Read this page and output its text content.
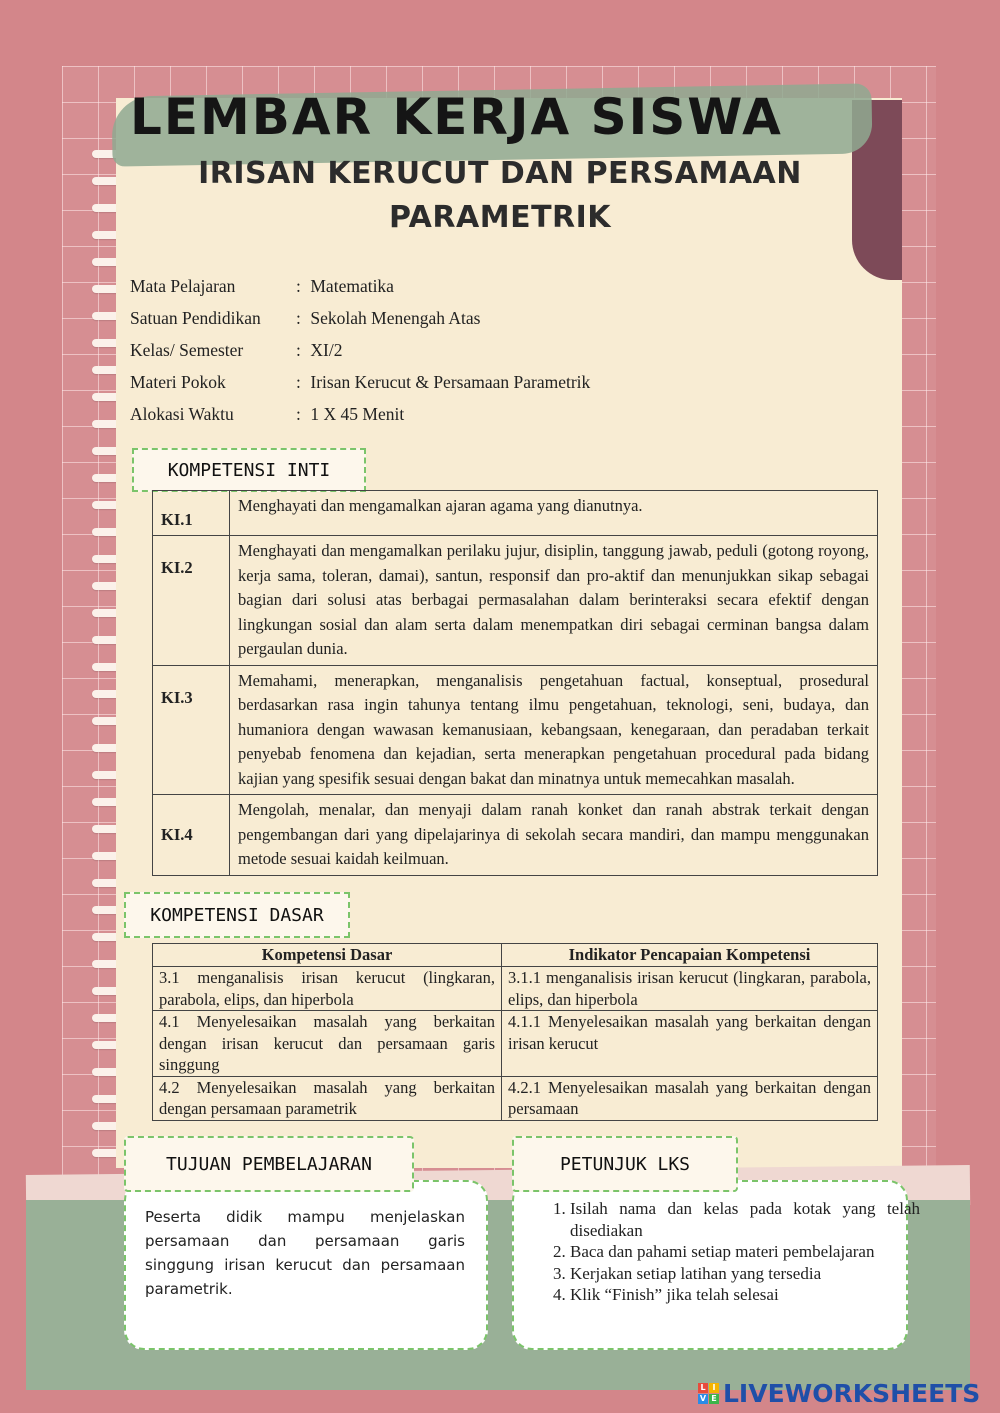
LEMBAR KERJA SISWA
IRISAN KERUCUT DAN PERSAMAAN
PARAMETRIK
Mata Pelajaran	: Matematika
Satuan Pendidikan : Sekolah Menengah Atas
Kelas/ Semester	: XI/2
Materi Pokok	: Irisan Kerucut & Persamaan Parametrik
Alokasi Waktu	: 1 X 45 Menit
KOMPETENSI INTI
KI.1	Menghayati dan mengamalkan ajaran agama yang dianutnya.
KI.2	Menghayati dan mengamalkan perilaku jujur, disiplin, tanggung jawab, peduli (gotong royong, kerja sama, toleran, damai), santun, responsif dan pro-aktif dan menunjukkan sikap sebagai bagian dari solusi atas berbagai permasalahan dalam berinteraksi secara efektif dengan lingkungan sosial dan alam serta dalam menempatkan diri sebagai cerminan bangsa dalam pergaulan dunia.
KI.3	Memahami, menerapkan, menganalisis pengetahuan factual, konseptual, prosedural berdasarkan rasa ingin tahunya tentang ilmu pengetahuan, teknologi, seni, budaya, dan humaniora dengan wawasan kemanusiaan, kebangsaan, kenegaraan, dan peradaban terkait penyebab fenomena dan kejadian, serta menerapkan pengetahuan procedural pada bidang kajian yang spesifik sesuai dengan bakat dan minatnya untuk memecahkan masalah.
KI.4	Mengolah, menalar, dan menyaji dalam ranah konket dan ranah abstrak terkait dengan pengembangan dari yang dipelajarinya di sekolah secara mandiri, dan mampu menggunakan metode sesuai kaidah keilmuan.
KOMPETENSI DASAR
Kompetensi Dasar	Indikator Pencapaian Kompetensi
3.1 menganalisis irisan kerucut (lingkaran, parabola, elips, dan hiperbola	3.1.1 menganalisis irisan kerucut (lingkaran, parabola, elips, dan hiperbola
4.1 Menyelesaikan masalah yang berkaitan dengan irisan kerucut dan persamaan garis singgung	4.1.1 Menyelesaikan masalah yang berkaitan dengan irisan kerucut
4.2 Menyelesaikan masalah yang berkaitan dengan persamaan parametrik	4.2.1 Menyelesaikan masalah yang berkaitan dengan persamaan
TUJUAN PEMBELAJARAN
Peserta didik mampu menjelaskan persamaan dan persamaan garis singgung irisan kerucut dan persamaan parametrik.
PETUNJUK LKS
1. Isilah nama dan kelas pada kotak yang telah disediakan
2. Baca dan pahami setiap materi pembelajaran
3. Kerjakan setiap latihan yang tersedia
4. Klik “Finish” jika telah selesai
L I
V E LIVEWORKSHEETS
